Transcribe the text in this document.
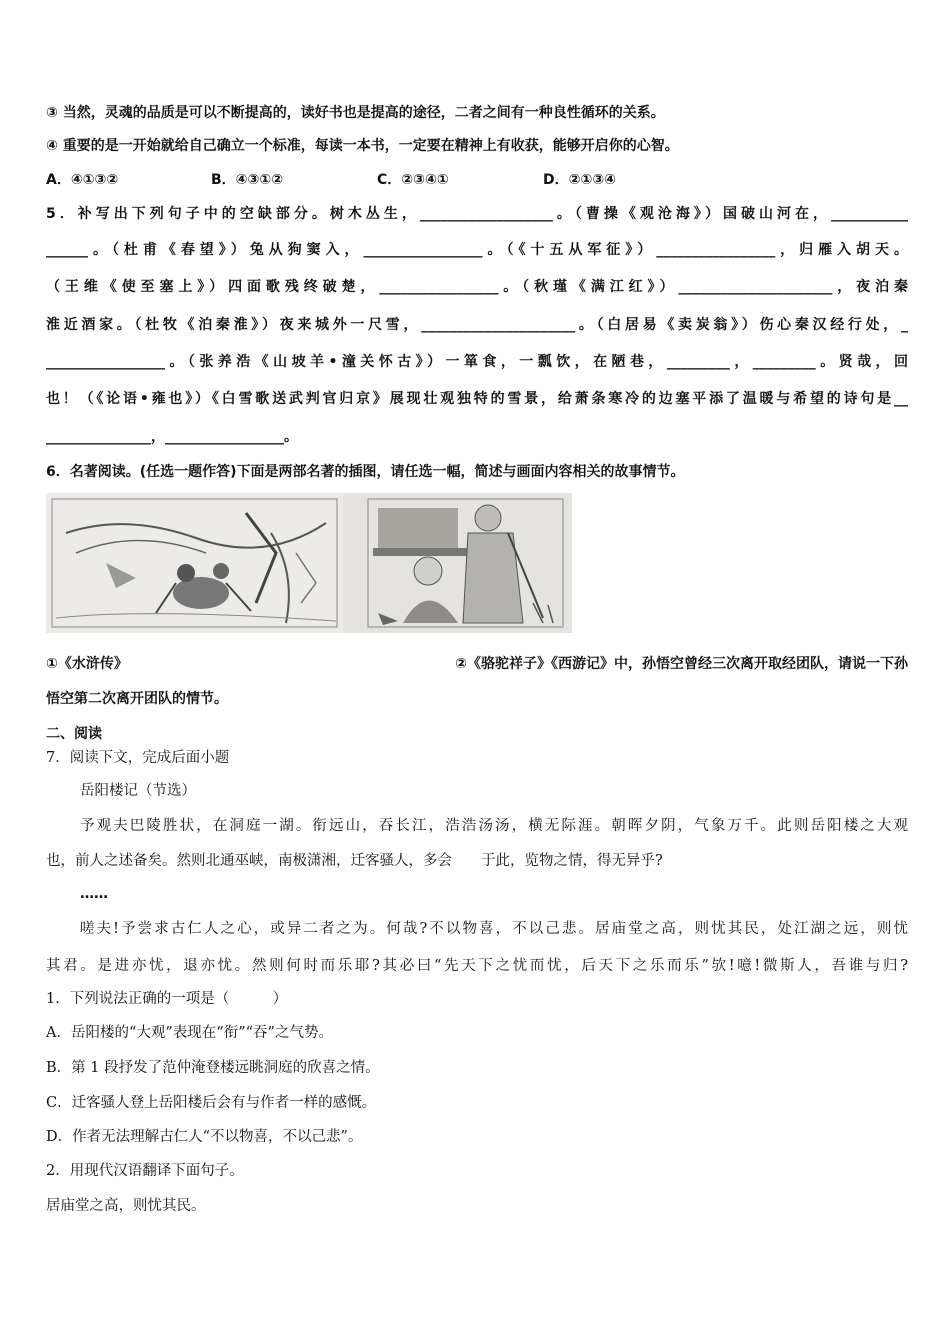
③ 当然，灵魂的品质是可以不断提高的，读好书也是提高的途径，二者之间有一种良性循环的关系。
④ 重要的是一开始就给自己确立一个标准，每读一本书，一定要在精神上有收获，能够开启你的心智。
A．④①③②	B．④③①②	C．②③④①	D．②①③④
5．补写出下列句子中的空缺部分。树木丛生，___________________。（曹操《观沧海》）国破山河在，___________
______。（杜甫《春望》）兔从狗窦入，_________________。（《十五从军征》）_________________，归雁入胡天。
（王维《使至塞上》）四面歌残终破楚，_________________。（秋瑾《满江红》）______________________，夜泊秦
淮近酒家。（杜牧《泊秦淮》）夜来城外一尺雪，______________________。（白居易《卖炭翁》）伤心秦汉经行处，_
_________________。（张养浩《山坡羊•潼关怀古》）一箪食，一瓢饮，在陋巷，_________，_________。贤哉，回
也！（《论语•雍也》）《白雪歌送武判官归京》展现壮观独特的雪景，给萧条寒冷的边塞平添了温暖与希望的诗句是__
_______________，_________________。
6．名著阅读。(任选一题作答)下面是两部名著的插图，请任选一幅，简述与画面内容相关的故事情节。
①《水浒传》	②《骆驼祥子》《西游记》中，孙悟空曾经三次离开取经团队，请说一下孙
悟空第二次离开团队的情节。
二、阅读
7．阅读下文，完成后面小题
岳阳楼记（节选）
予观夫巴陵胜状，在洞庭一湖。衔远山，吞长江，浩浩汤汤，横无际涯。朝晖夕阴，气象万千。此则岳阳楼之大观
也，前人之述备矣。然则北通巫峡，南极潇湘，迁客骚人，多会　　于此，览物之情，得无异乎?
……
嗟夫!予尝求古仁人之心，或异二者之为。何哉?不以物喜，不以己悲。居庙堂之高，则忧其民，处江湖之远，则忧
其君。是进亦忧，退亦忧。然则何时而乐耶?其必曰“先天下之忧而忧，后天下之乐而乐”欤!噫!微斯人，吾谁与归?
1．下列说法正确的一项是（　　　）
A．岳阳楼的“大观”表现在“衔”“吞”之气势。
B．第 1 段抒发了范仲淹登楼远眺洞庭的欣喜之情。
C．迁客骚人登上岳阳楼后会有与作者一样的感慨。
D．作者无法理解古仁人“不以物喜，不以己悲”。
2．用现代汉语翻译下面句子。
居庙堂之高，则忧其民。
